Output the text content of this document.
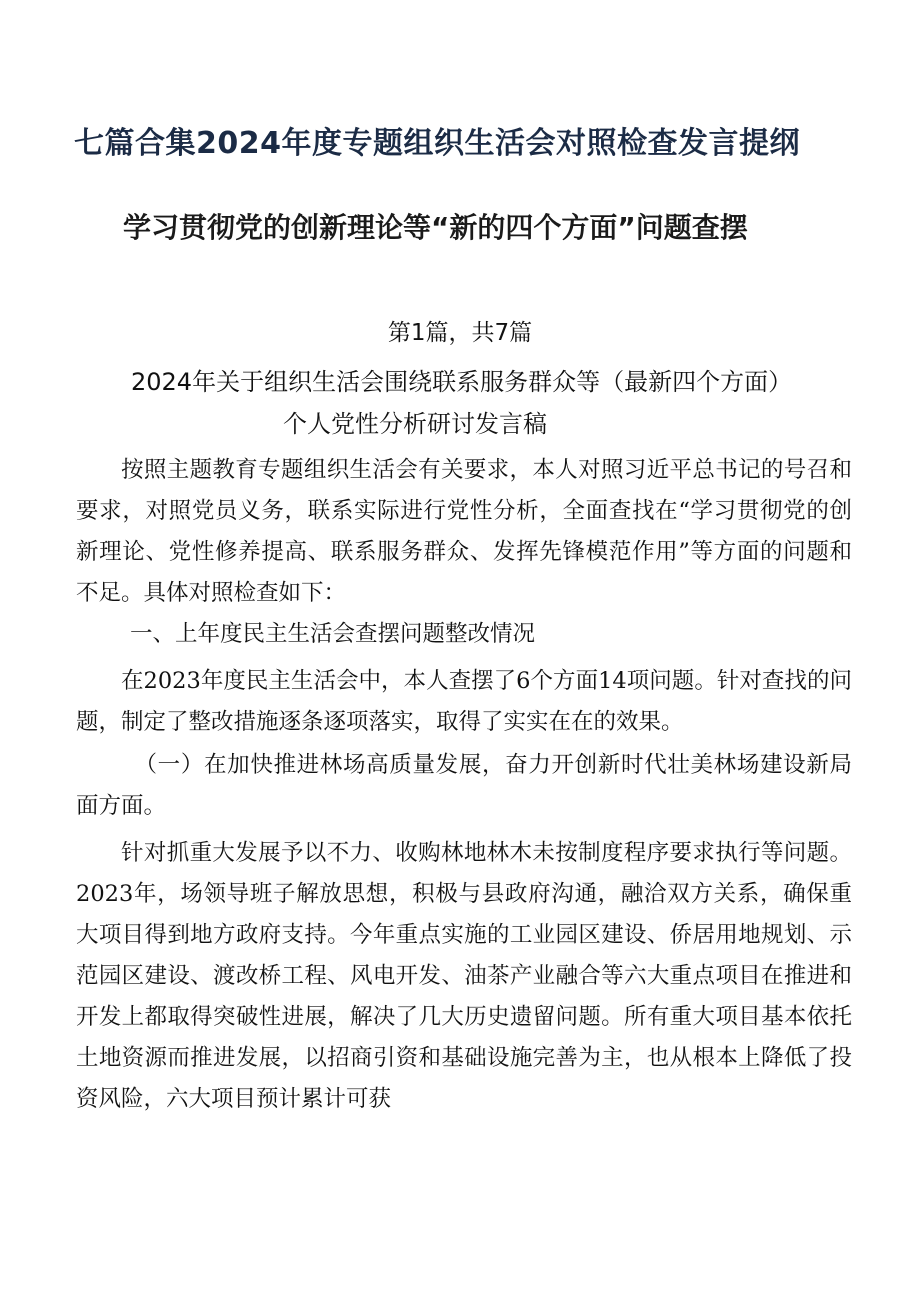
七篇合集2024年度专题组织生活会对照检查发言提纲
学习贯彻党的创新理论等“新的四个方面”问题查摆
第1篇，共7篇
2024年关于组织生活会围绕联系服务群众等（最新四个方面）
个人党性分析研讨发言稿

按照主题教育专题组织生活会有关要求，本人对照习近平总书记的号召和要求，对照党员义务，联系实际进行党性分析，全面查找在“学习贯彻党的创新理论、党性修养提高、联系服务群众、发挥先锋模范作用”等方面的问题和不足。具体对照检查如下：

一、上年度民主生活会查摆问题整改情况

在2023年度民主生活会中，本人查摆了6个方面14项问题。针对查找的问题，制定了整改措施逐条逐项落实，取得了实实在在的效果。

（一）在加快推进林场高质量发展，奋力开创新时代壮美林场建设新局面方面。

针对抓重大发展予以不力、收购林地林木未按制度程序要求执行等问题。2023年，场领导班子解放思想，积极与县政府沟通，融洽双方关系，确保重大项目得到地方政府支持。今年重点实施的工业园区建设、侨居用地规划、示范园区建设、渡改桥工程、风电开发、油茶产业融合等六大重点项目在推进和开发上都取得突破性进展，解决了几大历史遗留问题。所有重大项目基本依托土地资源而推进发展，以招商引资和基础设施完善为主，也从根本上降低了投资风险，六大项目预计累计可获
